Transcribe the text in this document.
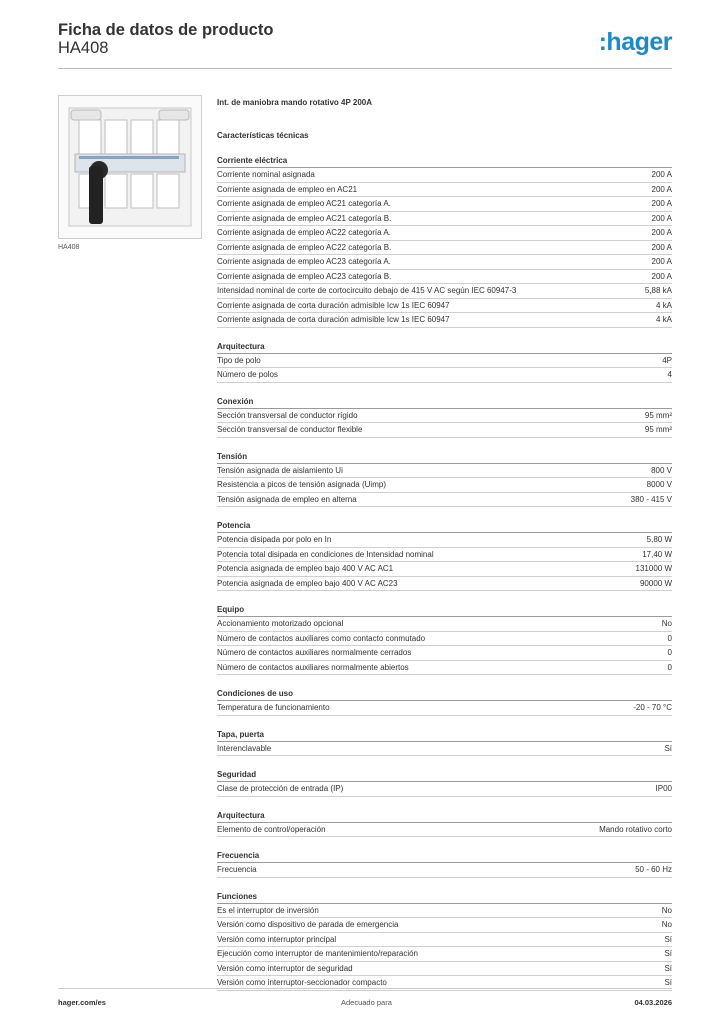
Ficha de datos de producto
HA408	:hager
HA408
Int. de maniobra mando rotativo 4P 200A
Características técnicas
Corriente eléctrica
Corriente nominal asignada	200 A
Corriente asignada de empleo en AC21	200 A
Corriente asignada de empleo AC21 categoría A.	200 A
Corriente asignada de empleo AC21 categoría B.	200 A
Corriente asignada de empleo AC22 categoría A.	200 A
Corriente asignada de empleo AC22 categoría B.	200 A
Corriente asignada de empleo AC23 categoría A.	200 A
Corriente asignada de empleo AC23 categoría B.	200 A
Intensidad nominal de corte de cortocircuito debajo de 415 V AC según IEC 60947-3	5,88 kA
Corriente asignada de corta duración admisible Icw 1s IEC 60947	4 kA
Corriente asignada de corta duración admisible Icw 1s IEC 60947	4 kA
Arquitectura
Tipo de polo	4P
Número de polos	4
Conexión
Sección transversal de conductor rígido	95 mm²
Sección transversal de conductor flexible	95 mm²
Tensión
Tensión asignada de aislamiento Ui	800 V
Resistencia a picos de tensión asignada (Uimp)	8000 V
Tensión asignada de empleo en alterna	380 - 415 V
Potencia
Potencia disipada por polo en In	5,80 W
Potencia total disipada en condiciones de Intensidad nominal	17,40 W
Potencia asignada de empleo bajo 400 V AC AC1	131000 W
Potencia asignada de empleo bajo 400 V AC AC23	90000 W
Equipo
Accionamiento motorizado opcional	No
Número de contactos auxiliares como contacto conmutado	0
Número de contactos auxiliares normalmente cerrados	0
Número de contactos auxiliares normalmente abiertos	0
Condiciones de uso
Temperatura de funcionamiento	-20 - 70 °C
Tapa, puerta
Interenclavable	Sí
Seguridad
Clase de protección de entrada (IP)	IP00
Arquitectura
Elemento de control/operación	Mando rotativo corto
Frecuencia
Frecuencia	50 - 60 Hz
Funciones
Es el interruptor de inversión	No
Versión como dispositivo de parada de emergencia	No
Versión como interruptor principal	Sí
Ejecución como interruptor de mantenimiento/reparación	Sí
Versión como interruptor de seguridad	Sí
Versión como interruptor-seccionador compacto	Sí
hager.com/es	Adecuado para	04.03.2026
